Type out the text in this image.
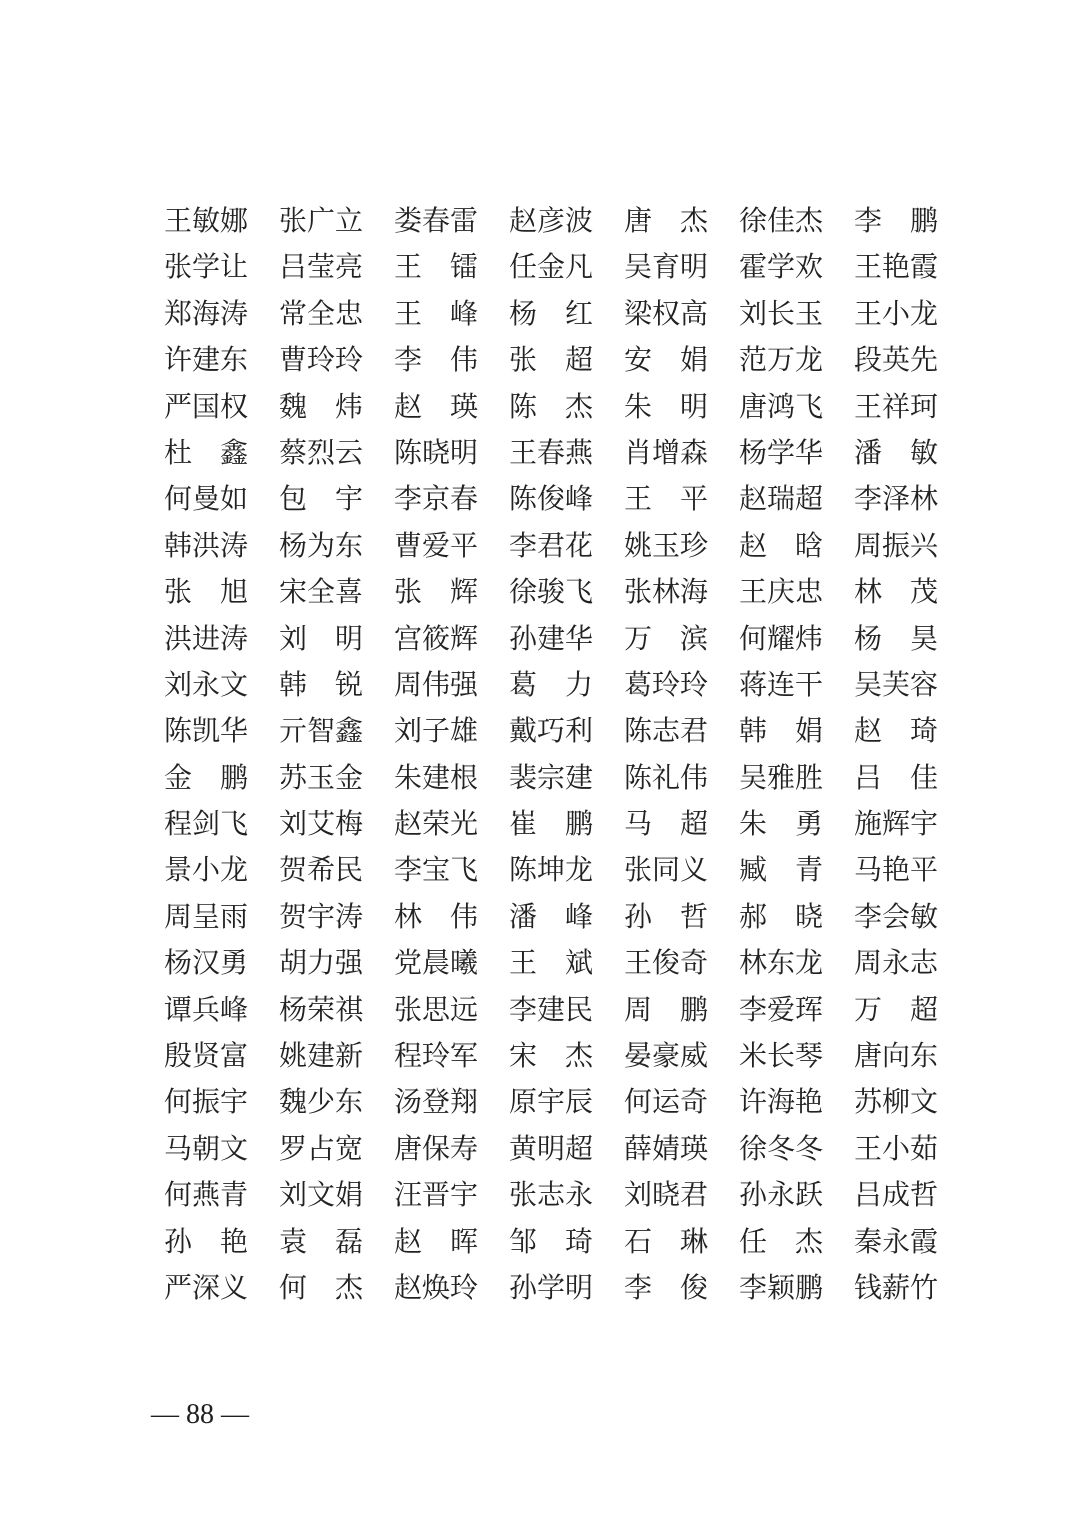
王敏娜 张广立 娄春雷 赵彦波 唐　杰 徐佳杰 李　鹏
张学让 吕莹亮 王　镭 任金凡 吴育明 霍学欢 王艳霞
郑海涛 常全忠 王　峰 杨　红 梁权高 刘长玉 王小龙
许建东 曹玲玲 李　伟 张　超 安　娟 范万龙 段英先
严国权 魏　炜 赵　瑛 陈　杰 朱　明 唐鸿飞 王祥珂
杜　鑫 蔡烈云 陈晓明 王春燕 肖增森 杨学华 潘　敏
何曼如 包　宇 李京春 陈俊峰 王　平 赵瑞超 李泽林
韩洪涛 杨为东 曹爱平 李君花 姚玉珍 赵　晗 周振兴
张　旭 宋全喜 张　辉 徐骏飞 张林海 王庆忠 林　茂
洪进涛 刘　明 宫筱辉 孙建华 万　滨 何耀炜 杨　昊
刘永文 韩　锐 周伟强 葛　力 葛玲玲 蒋连干 吴芙容
陈凯华 亓智鑫 刘子雄 戴巧利 陈志君 韩　娟 赵　琦
金　鹏 苏玉金 朱建根 裴宗建 陈礼伟 吴雅胜 吕　佳
程剑飞 刘艾梅 赵荣光 崔　鹏 马　超 朱　勇 施辉宇
景小龙 贺希民 李宝飞 陈坤龙 张同义 臧　青 马艳平
周呈雨 贺宇涛 林　伟 潘　峰 孙　哲 郝　晓 李会敏
杨汉勇 胡力强 党晨曦 王　斌 王俊奇 林东龙 周永志
谭兵峰 杨荣祺 张思远 李建民 周　鹏 李爱珲 万　超
殷贤富 姚建新 程玲军 宋　杰 晏豪威 米长琴 唐向东
何振宇 魏少东 汤登翔 原宇辰 何运奇 许海艳 苏柳文
马朝文 罗占宽 唐保寿 黄明超 薛婧瑛 徐冬冬 王小茹
何燕青 刘文娟 汪晋宇 张志永 刘晓君 孙永跃 吕成哲
孙　艳 袁　磊 赵　晖 邹　琦 石　琳 任　杰 秦永霞
严深义 何　杰 赵焕玲 孙学明 李　俊 李颖鹏 钱薪竹
— 88 —
